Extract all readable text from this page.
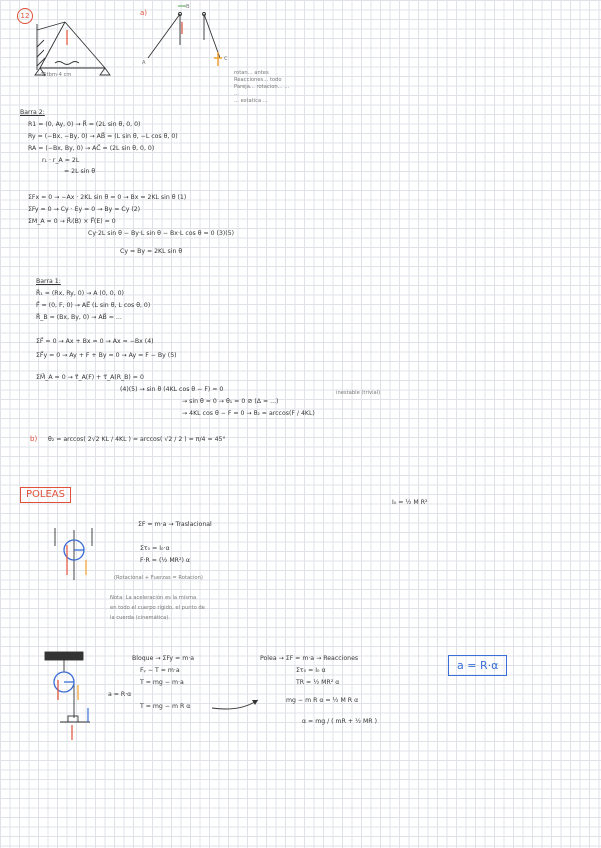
12	a)
45tbm·4 cm
B
A
C
rotan... antes
Reacciones... todo
Pareja... rotacion... ...
...
... estatica ...
Barra 2:
R1 = (0, Ay, 0) → R⃗ = (2L sin θ, 0, 0)
Ry = (−Bx, −By, 0) → AB⃗ = (L sin θ, −L cos θ, 0)
RA = (−Bx, By, 0) → AC⃗ = (2L sin θ, 0, 0)
r₁ · r_A = 2L
= 2L sin θ
ΣFx = 0 → −Ax · 2KL sin θ = 0 → Bx = 2KL sin θ (1)
ΣFy = 0 → Cy · Ey = 0 → By = Cy (2)
ΣM_A = 0 → R⃗ᵢ(B) × F⃗(E) = 0
Cy·2L sin θ − By·L sin θ − Bx·L cos θ = 0 (3)(5)
Cy = By = 2KL sin θ
Barra 1:
R⃗₁ = (Rx, Ry, 0) → A (0, 0, 0)
F⃗ = (0, F, 0) → AE⃗ (L sin θ, L cos θ, 0)
R⃗_B = (Bx, By, 0) → AB⃗ = ...
ΣF⃗ = 0 → Ax + Bx = 0 → Ax = −Bx (4)
ΣF⃗y = 0 → Ay + F + By = 0 → Ay = F − By (5)
ΣM⃗_A = 0 → τ⃗_A(F) + τ⃗_A(R_B) = 0
(4)(5) → sin θ (4KL cos θ − F) = 0
→ sin θ = 0 → θ₁ = 0 ⊘ (Δ = ...)
→ 4KL cos θ − F = 0 → θ₂ = arccos(F / 4KL)
inestable (trivial)
b) θ₂ = arccos( 2√2 KL / 4KL ) = arccos( √2 / 2 ) = π/4 = 45°
POLEAS
I₀ = ½ M R²
ΣF = m·a → Traslacional
Στ₀ = I₀·α
F·R = (½ MR²) α
(Rotacional + Fuerzas = Rotacion)
Nota: La aceleración es la misma
en todo el cuerpo rígido, el punto de
la cuerda (cinemática).
Bloque → ΣFy = m·a
Fᵧ − T = m·a
T = mg − m·a
a = R·α
T = mg − m R α
Polea → ΣF = m·a → Reacciones
Στ₀ = I₀ α
TR = ½ MR² α
mg − m R α = ½ M R α
α = mg / ( mR + ½ MR )
a = R·α
